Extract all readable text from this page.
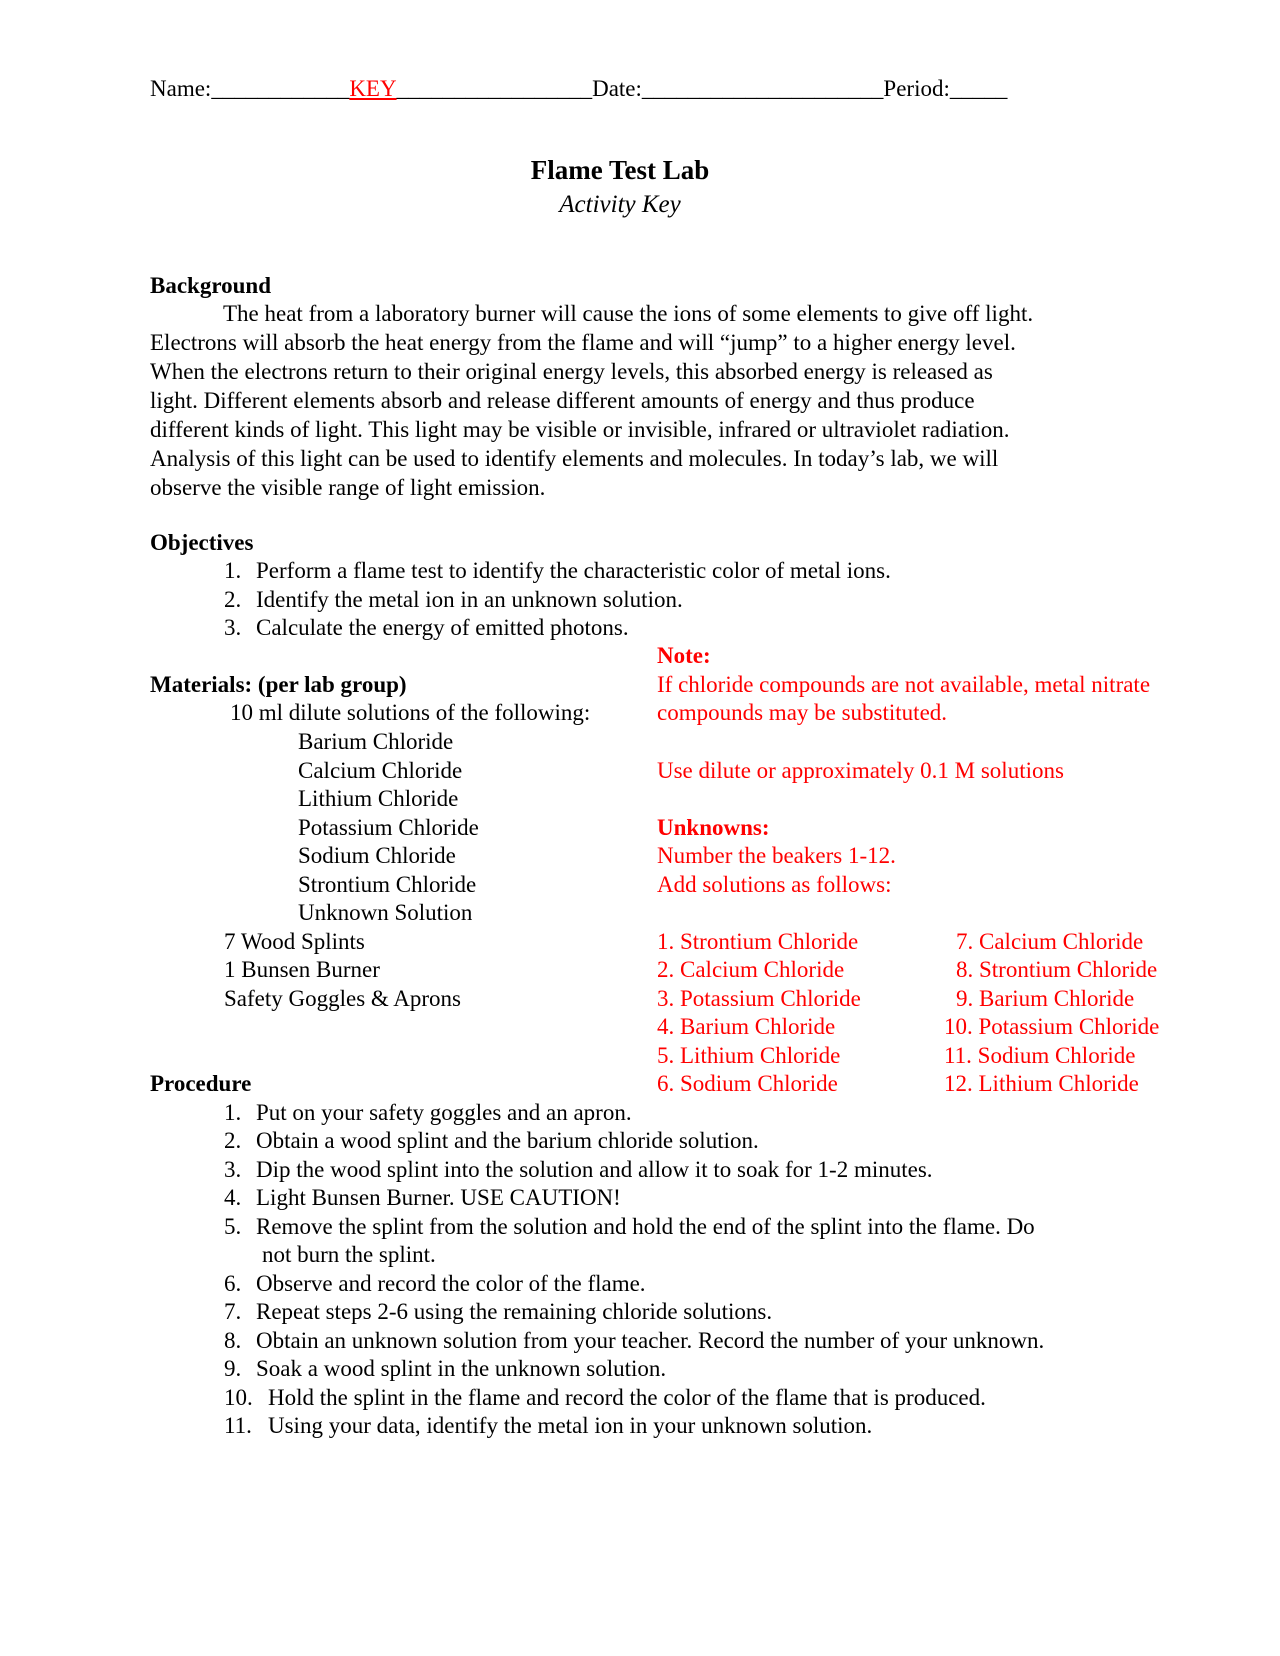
Name:____________KEY_________________Date:_____________________Period:_____
Flame Test Lab
Activity Key
Background
The heat from a laboratory burner will cause the ions of some elements to give off light.
Electrons will absorb the heat energy from the flame and will “jump” to a higher energy level.
When the electrons return to their original energy levels, this absorbed energy is released as
light. Different elements absorb and release different amounts of energy and thus produce
different kinds of light. This light may be visible or invisible, infrared or ultraviolet radiation.
Analysis of this light can be used to identify elements and molecules. In today’s lab, we will
observe the visible range of light emission.
Objectives
1. Perform a flame test to identify the characteristic color of metal ions.
2. Identify the metal ion in an unknown solution.
3. Calculate the energy of emitted photons.
Materials: (per lab group)
10 ml dilute solutions of the following:
Barium Chloride
Calcium Chloride
Lithium Chloride
Potassium Chloride
Sodium Chloride
Strontium Chloride
Unknown Solution
7 Wood Splints
1 Bunsen Burner
Safety Goggles & Aprons
Note:
If chloride compounds are not available, metal nitrate
compounds may be substituted.
Use dilute or approximately 0.1 M solutions
Unknowns:
Number the beakers 1-12.
Add solutions as follows:
1. Strontium Chloride
2. Calcium Chloride
3. Potassium Chloride
4. Barium Chloride
5. Lithium Chloride
6. Sodium Chloride
7. Calcium Chloride
8. Strontium Chloride
9. Barium Chloride
10. Potassium Chloride
11. Sodium Chloride
12. Lithium Chloride
Procedure
1. Put on your safety goggles and an apron.
2. Obtain a wood splint and the barium chloride solution.
3. Dip the wood splint into the solution and allow it to soak for 1-2 minutes.
4. Light Bunsen Burner. USE CAUTION!
5. Remove the splint from the solution and hold the end of the splint into the flame. Do
not burn the splint.
6. Observe and record the color of the flame.
7. Repeat steps 2-6 using the remaining chloride solutions.
8. Obtain an unknown solution from your teacher. Record the number of your unknown.
9. Soak a wood splint in the unknown solution.
10. Hold the splint in the flame and record the color of the flame that is produced.
11. Using your data, identify the metal ion in your unknown solution.
